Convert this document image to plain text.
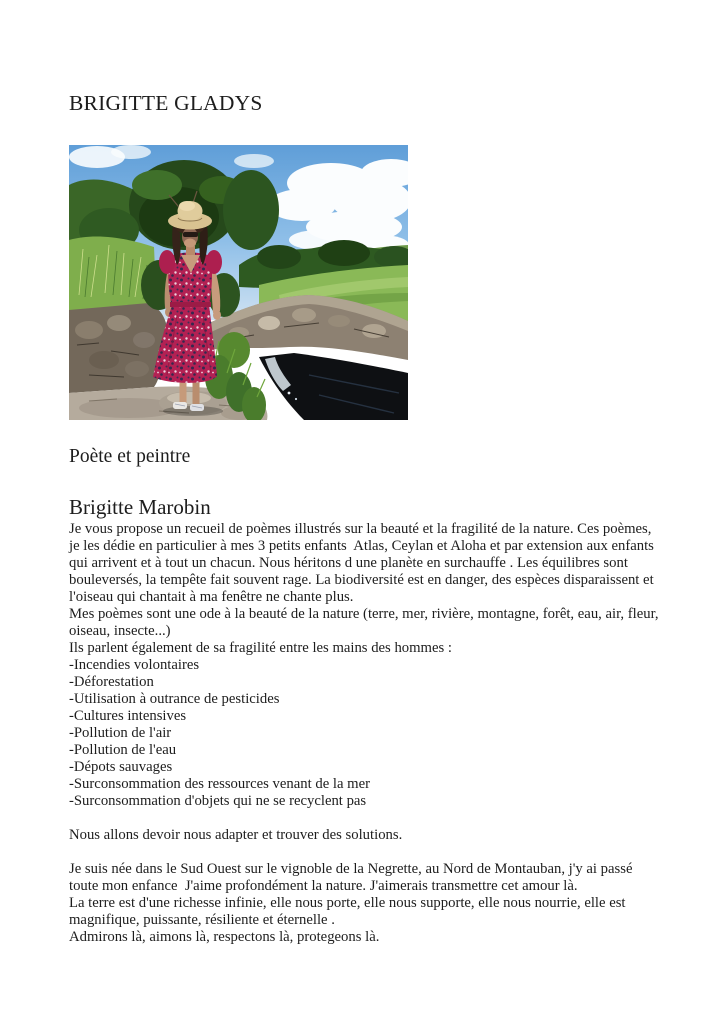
BRIGITTE GLADYS
Poète et peintre
Brigitte Marobin
Je vous propose un recueil de poèmes illustrés sur la beauté et la fragilité de la nature. Ces poèmes,
je les dédie en particulier à mes 3 petits enfants  Atlas, Ceylan et Aloha et par extension aux enfants
qui arrivent et à tout un chacun. Nous héritons d une planète en surchauffe . Les équilibres sont
bouleversés, la tempête fait souvent rage. La biodiversité est en danger, des espèces disparaissent et
l'oiseau qui chantait à ma fenêtre ne chante plus.
Mes poèmes sont une ode à la beauté de la nature (terre, mer, rivière, montagne, forêt, eau, air, fleur,
oiseau, insecte...)
Ils parlent également de sa fragilité entre les mains des hommes :
-Incendies volontaires
-Déforestation
-Utilisation à outrance de pesticides
-Cultures intensives
-Pollution de l'air
-Pollution de l'eau
-Dépots sauvages
-Surconsommation des ressources venant de la mer
-Surconsommation d'objets qui ne se recyclent pas
Nous allons devoir nous adapter et trouver des solutions.
Je suis née dans le Sud Ouest sur le vignoble de la Negrette, au Nord de Montauban, j'y ai passé
toute mon enfance  J'aime profondément la nature. J'aimerais transmettre cet amour là.
La terre est d'une richesse infinie, elle nous porte, elle nous supporte, elle nous nourrie, elle est
magnifique, puissante, résiliente et éternelle .
Admirons là, aimons là, respectons là, protegeons là.
